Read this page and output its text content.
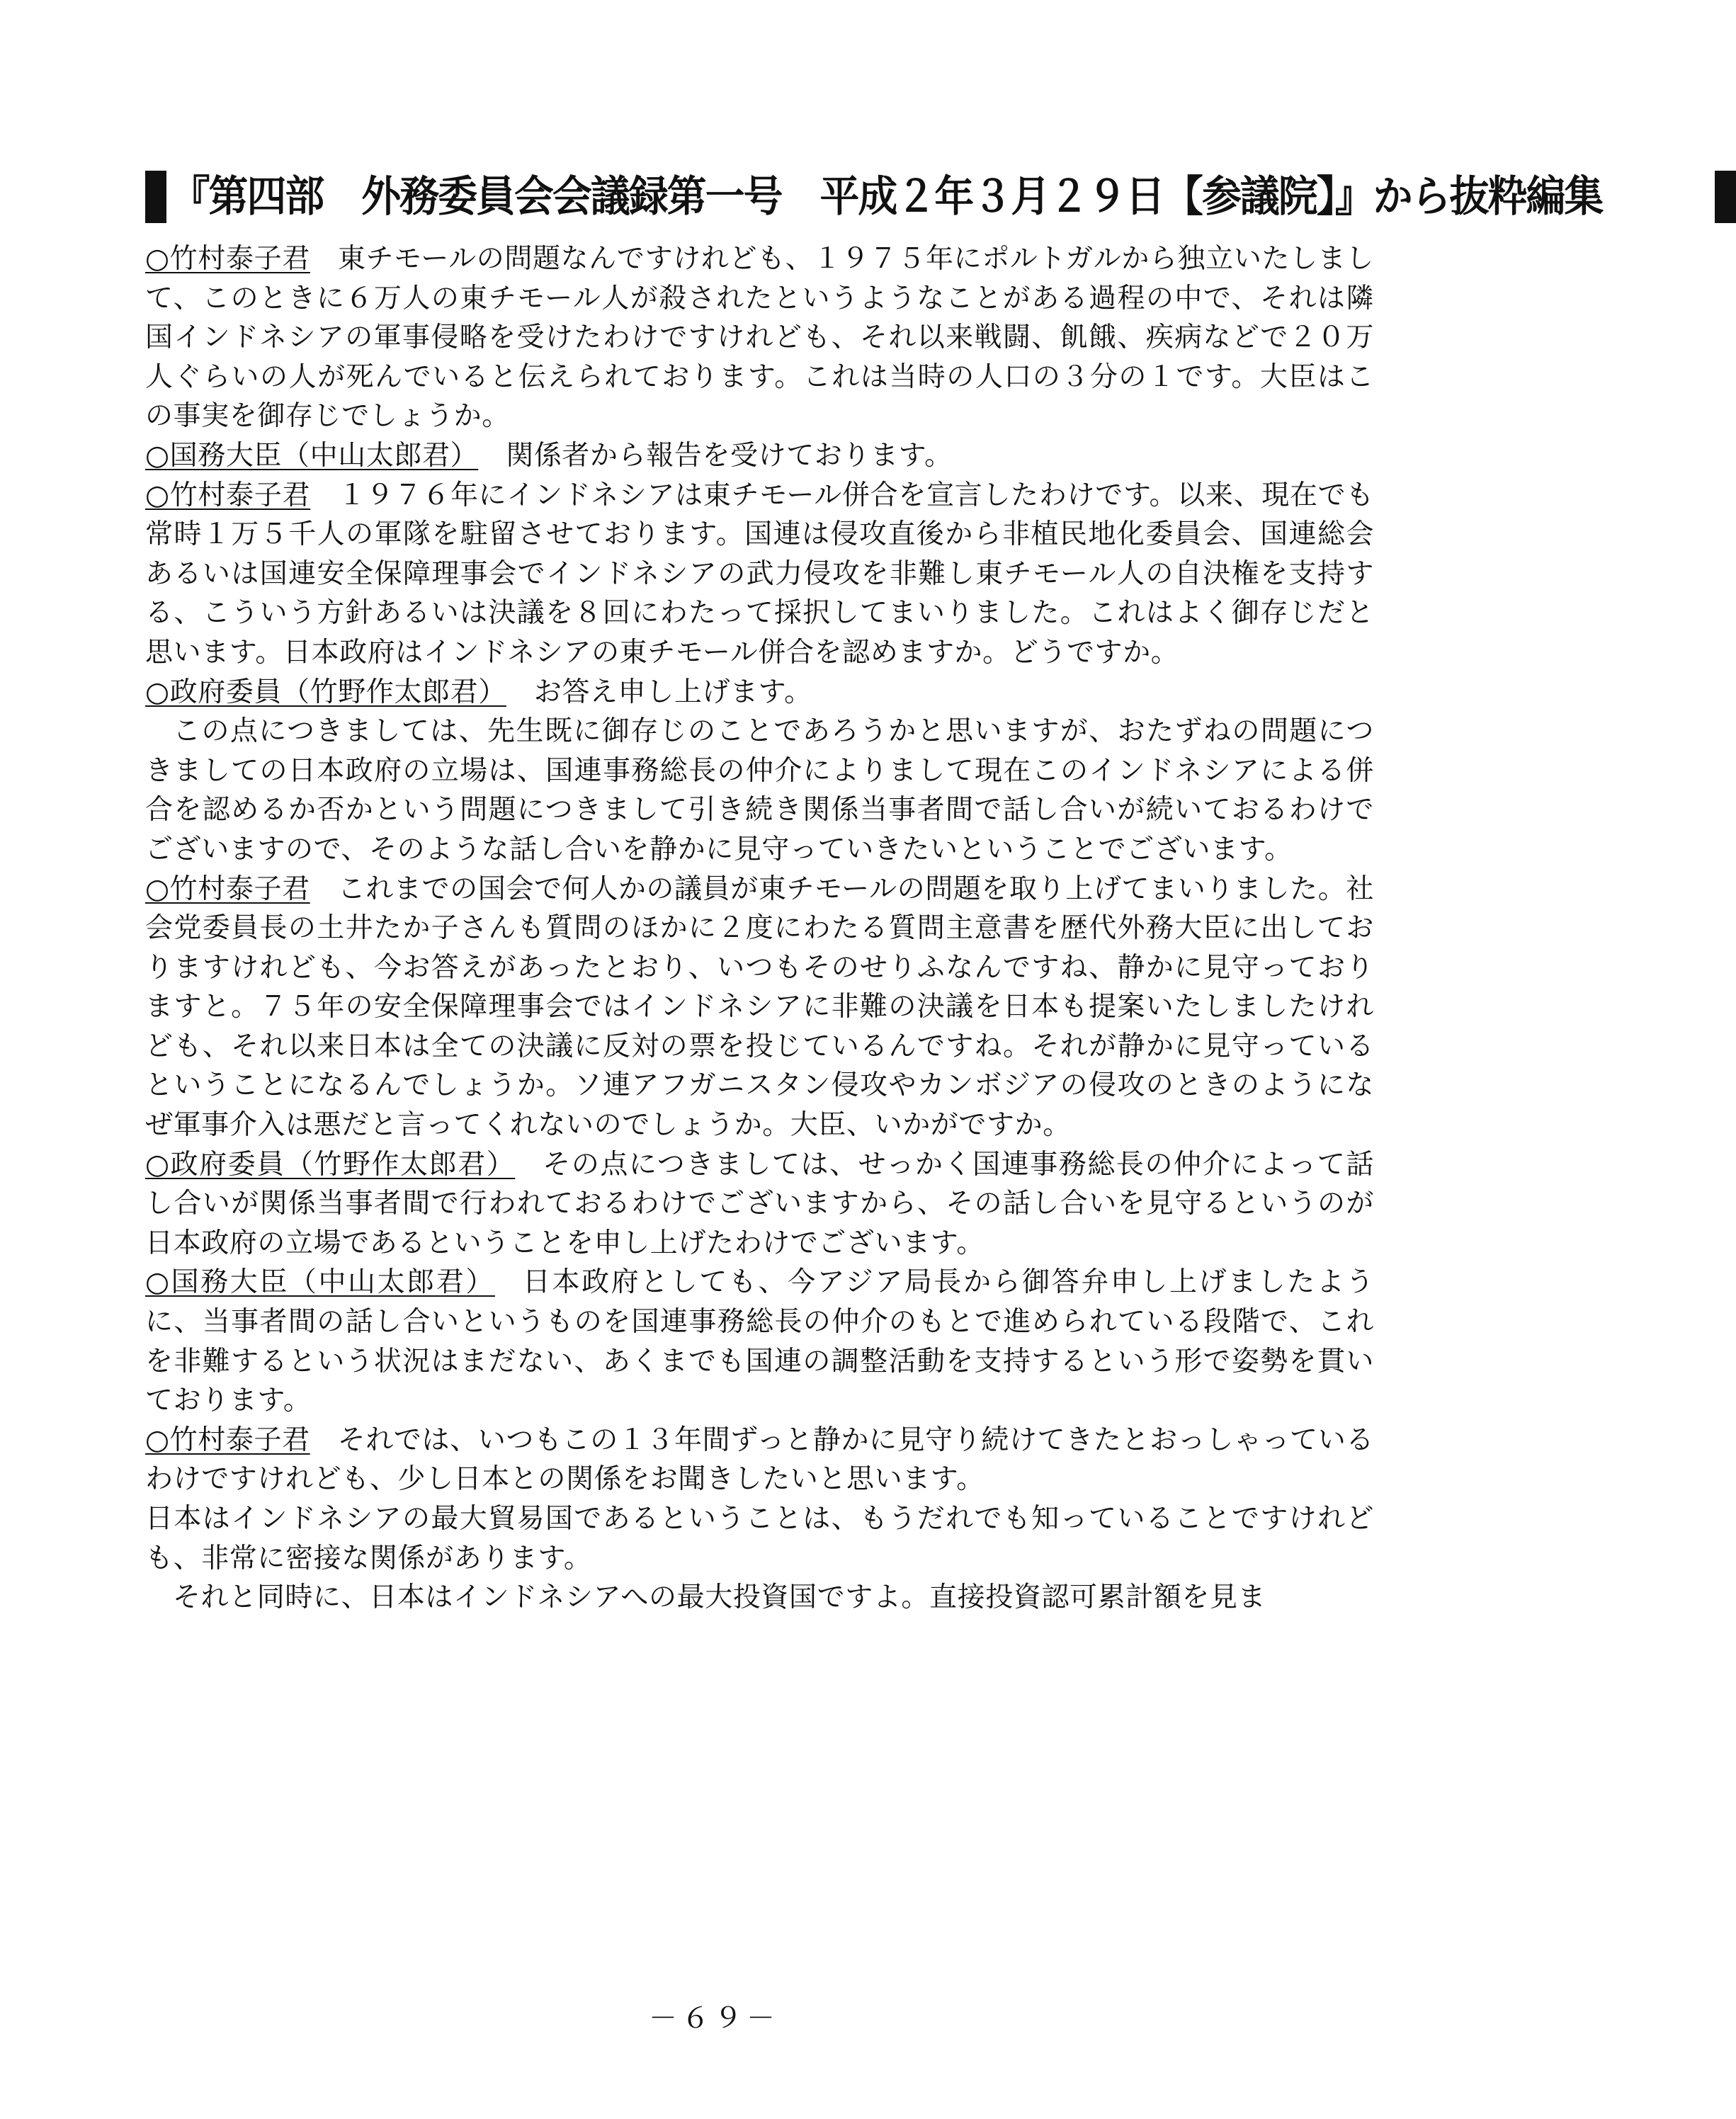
『第四部　外務委員会会議録第一号　平成２年３月２９日【参議院】』から抜粋編集

○竹村泰子君 東チモールの問題なんですけれども、１９７５年にポルトガルから独立いたしまして、このときに６万人の東チモール人が殺されたというようなことがある過程の中で、それは隣国インドネシアの軍事侵略を受けたわけですけれども、それ以来戦闘、飢餓、疾病などで２０万人ぐらいの人が死んでいると伝えられております。これは当時の人口の３分の１です。大臣はこの事実を御存じでしょうか。

○国務大臣（中山太郎君） 関係者から報告を受けております。

○竹村泰子君 １９７６年にインドネシアは東チモール併合を宣言したわけです。以来、現在でも常時１万５千人の軍隊を駐留させております。国連は侵攻直後から非植民地化委員会、国連総会あるいは国連安全保障理事会でインドネシアの武力侵攻を非難し東チモール人の自決権を支持する、こういう方針あるいは決議を８回にわたって採択してまいりました。これはよく御存じだと思います。日本政府はインドネシアの東チモール併合を認めますか。どうですか。

○政府委員（竹野作太郎君） お答え申し上げます。

この点につきましては、先生既に御存じのことであろうかと思いますが、おたずねの問題につきましての日本政府の立場は、国連事務総長の仲介によりまして現在このインドネシアによる併合を認めるか否かという問題につきまして引き続き関係当事者間で話し合いが続いておるわけでございますので、そのような話し合いを静かに見守っていきたいということでございます。

○竹村泰子君 これまでの国会で何人かの議員が東チモールの問題を取り上げてまいりました。社会党委員長の土井たか子さんも質問のほかに２度にわたる質問主意書を歴代外務大臣に出しておりますけれども、今お答えがあったとおり、いつもそのせりふなんですね、静かに見守っておりますと。７５年の安全保障理事会ではインドネシアに非難の決議を日本も提案いたしましたけれども、それ以来日本は全ての決議に反対の票を投じているんですね。それが静かに見守っているということになるんでしょうか。ソ連アフガニスタン侵攻やカンボジアの侵攻のときのようになぜ軍事介入は悪だと言ってくれないのでしょうか。大臣、いかがですか。

○政府委員（竹野作太郎君） その点につきましては、せっかく国連事務総長の仲介によって話し合いが関係当事者間で行われておるわけでございますから、その話し合いを見守るというのが日本政府の立場であるということを申し上げたわけでございます。

○国務大臣（中山太郎君） 日本政府としても、今アジア局長から御答弁申し上げましたように、当事者間の話し合いというものを国連事務総長の仲介のもとで進められている段階で、これを非難するという状況はまだない、あくまでも国連の調整活動を支持するという形で姿勢を貫いております。

○竹村泰子君 それでは、いつもこの１３年間ずっと静かに見守り続けてきたとおっしゃっているわけですけれども、少し日本との関係をお聞きしたいと思います。

日本はインドネシアの最大貿易国であるということは、もうだれでも知っていることですけれども、非常に密接な関係があります。

それと同時に、日本はインドネシアへの最大投資国ですよ。直接投資認可累計額を見ま

－６９－
